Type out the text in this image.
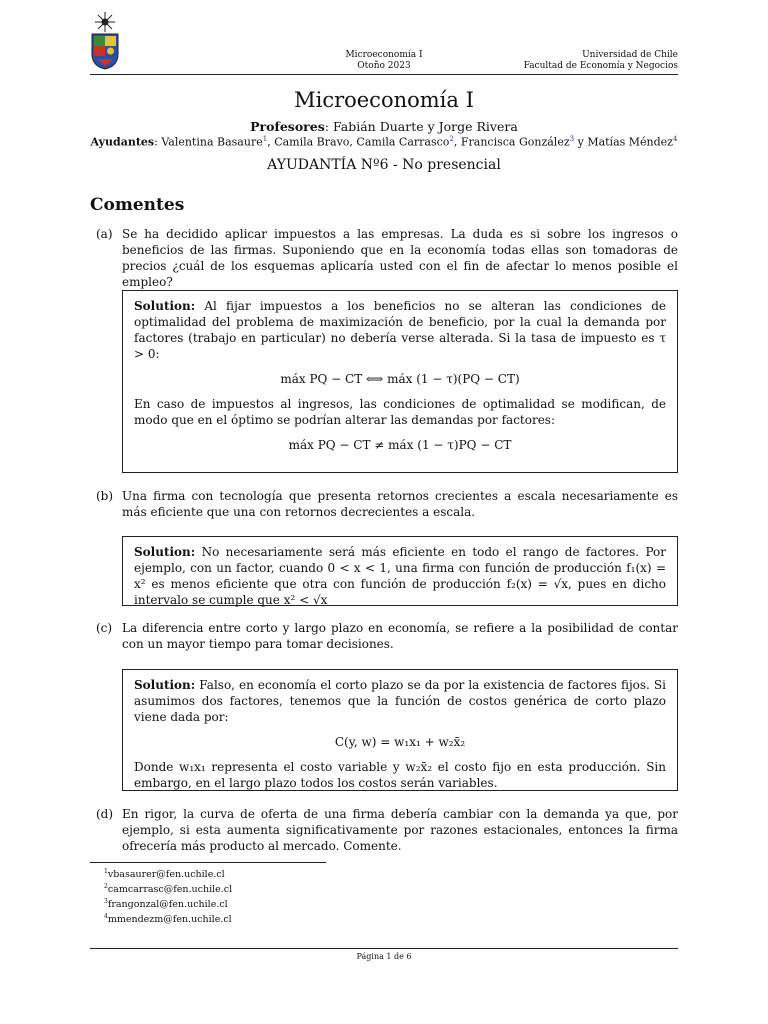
Microeconomía I
Otoño 2023
Universidad de Chile
Facultad de Economía y Negocios
Microeconomía I
Profesores: Fabián Duarte y Jorge Rivera
Ayudantes: Valentina Basaure$^1$, Camila Bravo, Camila Carrasco$^2$, Francisca González$^3$ y Matías Méndez$^4$
AYUDANTÍA Nº6 - No presencial
Comentes
(a) Se ha decidido aplicar impuestos a las empresas. La duda es si sobre los ingresos o beneficios de las firmas. Suponiendo que en la economía todas ellas son tomadoras de precios ¿cuál de los esquemas aplicaría usted con el fin de afectar lo menos posible el empleo?
Solution: Al fijar impuestos a los beneficios no se alteran las condiciones de optimalidad del problema de maximización de beneficio, por la cual la demanda por factores (trabajo en particular) no debería verse alterada. Si la tasa de impuesto es τ > 0:
máx PQ − CT ⟺ máx (1 − τ)(PQ − CT)
En caso de impuestos al ingresos, las condiciones de optimalidad se modifican, de modo que en el óptimo se podrían alterar las demandas por factores:
máx PQ − CT ≠ máx (1 − τ)PQ − CT
(b) Una firma con tecnología que presenta retornos crecientes a escala necesariamente es más eficiente que una con retornos decrecientes a escala.
Solution: No necesariamente será más eficiente en todo el rango de factores. Por ejemplo, con un factor, cuando 0 < x < 1, una firma con función de producción f₁(x) = x² es menos eficiente que otra con función de producción f₂(x) = √x, pues en dicho intervalo se cumple que x² < √x
(c) La diferencia entre corto y largo plazo en economía, se refiere a la posibilidad de contar con un mayor tiempo para tomar decisiones.
Solution: Falso, en economía el corto plazo se da por la existencia de factores fijos. Si asumimos dos factores, tenemos que la función de costos genérica de corto plazo viene dada por:
C(y, w) = w₁x₁ + w₂x̄₂
Donde w₁x₁ representa el costo variable y w₂x̄₂ el costo fijo en esta producción. Sin embargo, en el largo plazo todos los costos serán variables.
(d) En rigor, la curva de oferta de una firma debería cambiar con la demanda ya que, por ejemplo, si esta aumenta significativamente por razones estacionales, entonces la firma ofrecería más producto al mercado. Comente.
$^1$vbasaurer@fen.uchile.cl
$^2$camcarrasc@fen.uchile.cl
$^3$frangonzal@fen.uchile.cl
$^4$mmendezm@fen.uchile.cl
Página 1 de 6
